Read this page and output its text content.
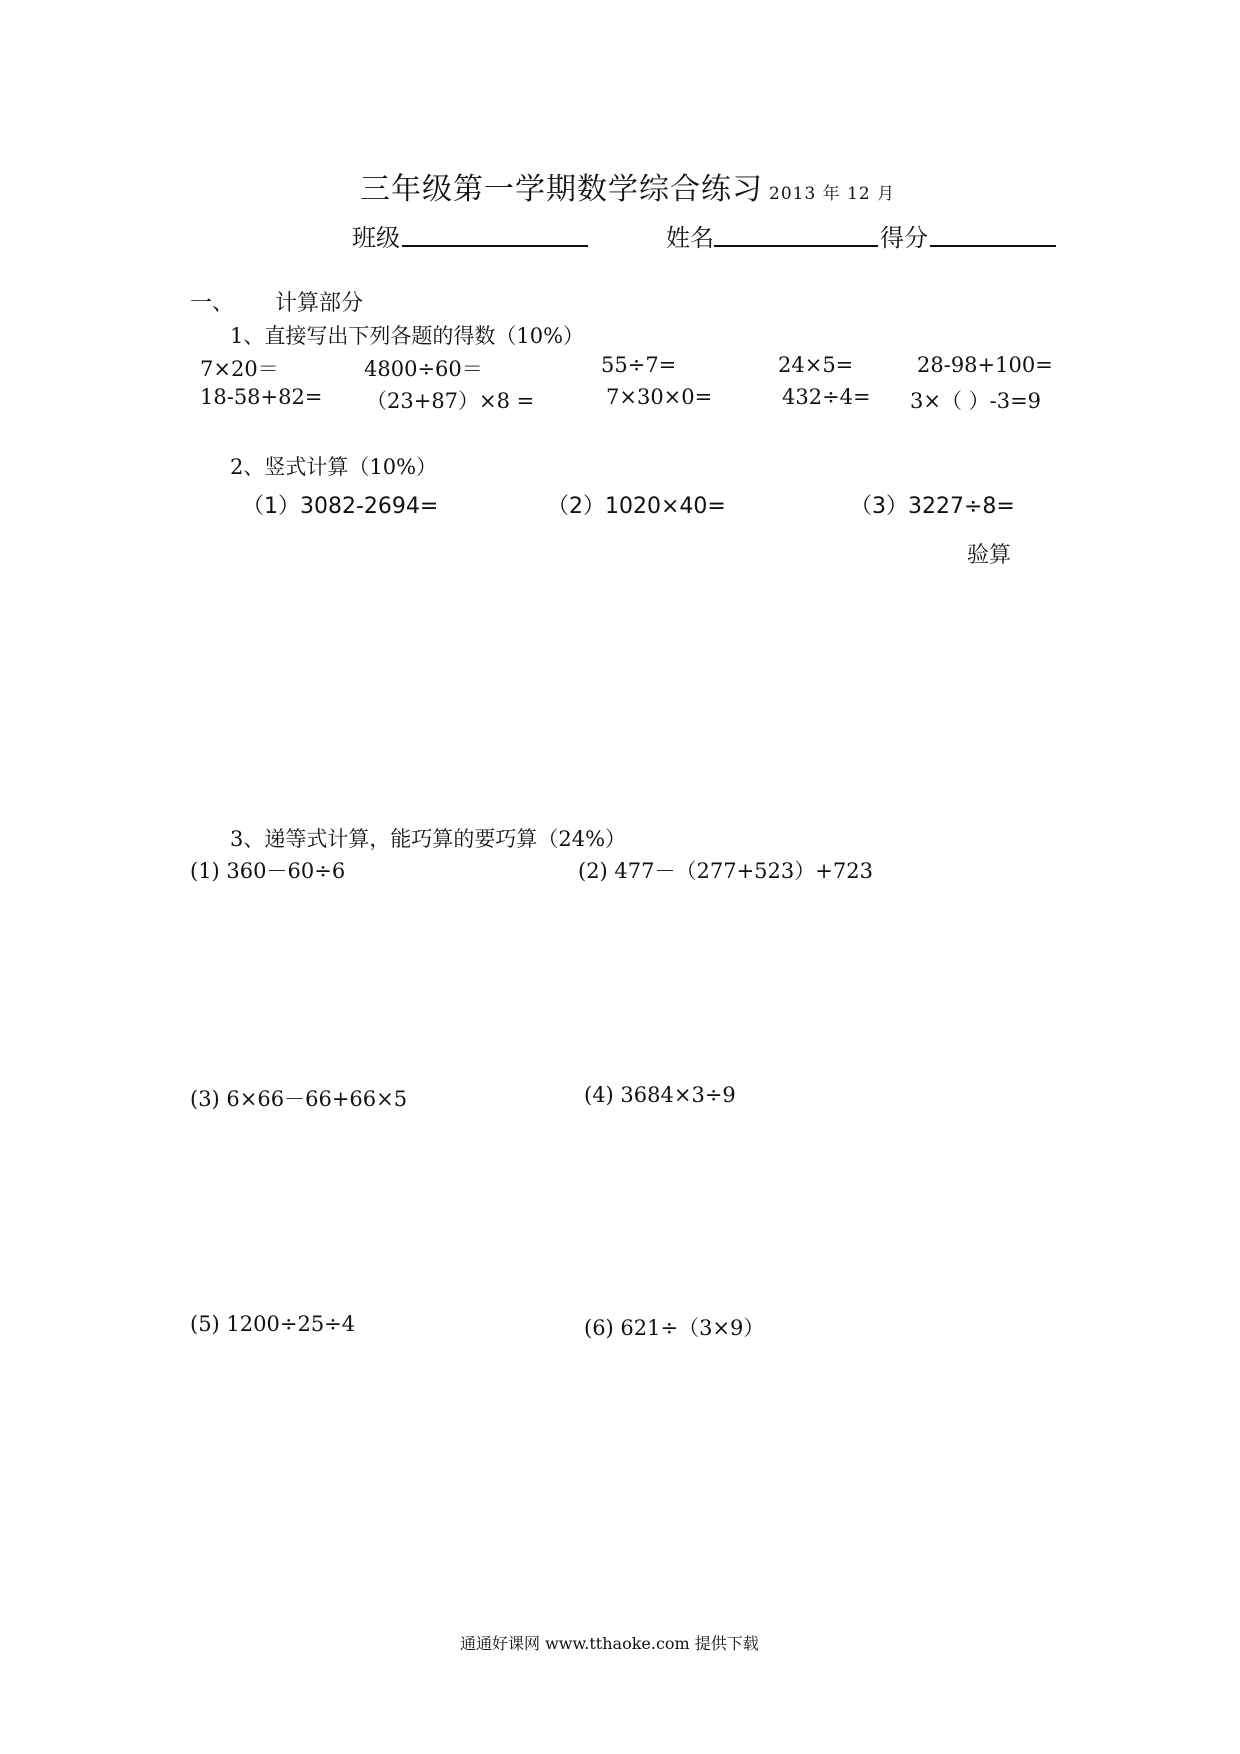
三年级第一学期数学综合练习 2013 年 12 月
班级	姓名	得分
一、 计算部分
1、直接写出下列各题的得数（10%）
7×20＝	4800÷60＝	55÷7=	24×5=	28-98+100=
18-58+82= （23+87）×8 =	7×30×0=	432÷4= 3×（ ）-3=9
2、竖式计算（10%）
（1）3082-2694=	（2）1020×40=	（3）3227÷8=
验算
3、递等式计算，能巧算的要巧算（24%）
(1) 360－60÷6	(2) 477－（277+523）+723
(3) 6×66－66+66×5	(4) 3684×3÷9
(5) 1200÷25÷4	(6) 621÷（3×9）
通通好课网 www.tthaoke.com 提供下载
